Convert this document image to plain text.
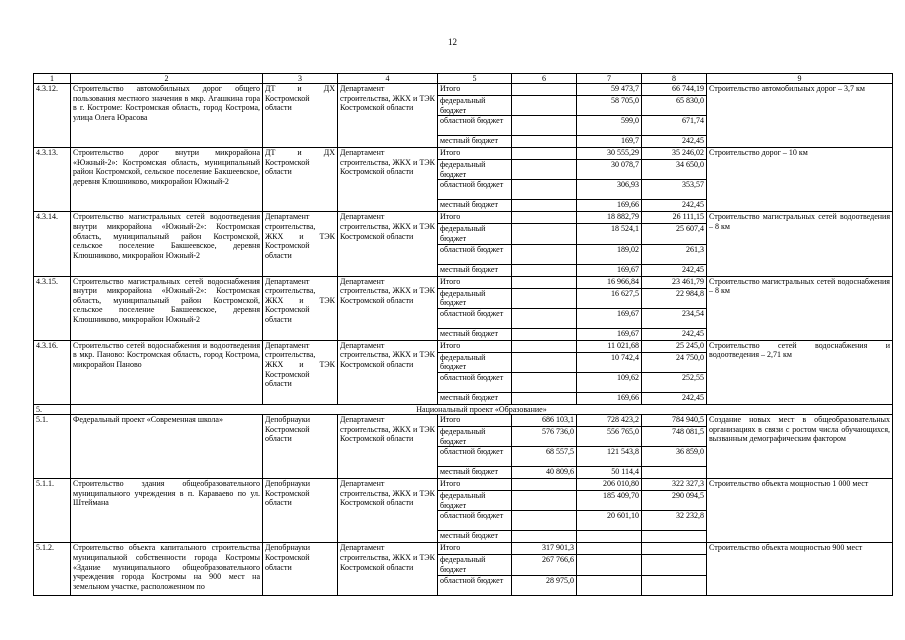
12
1	2	3	4	5	6	7	8	9
4.3.12.	Строительство автомобильных дорог общего пользования местного значения в мкр. Агашкина гора в г. Костроме: Костромская область, город Кострома, улица Олега Юрасова	ДТ и ДХ Костромской области	Департамент строительства, ЖКХ и ТЭК Костромской области	Итого		59 473,7	66 744,19	Строительство автомобильных дорог – 3,7 км
				федеральный бюджет		58 705,0	65 830,0	
				областной бюджет		599,0	671,74	
				местный бюджет		169,7	242,45	
4.3.13.	Строительство дорог внутри микрорайона «Южный-2»: Костромская область, муниципальный район Костромской, сельское поселение Бакшеевское, деревня Клюшниково, микрорайон Южный-2	ДТ и ДХ Костромской области	Департамент строительства, ЖКХ и ТЭК Костромской области	Итого		30 555,29	35 246,02	Строительство дорог – 10 км
				федеральный бюджет		30 078,7	34 650,0	
				областной бюджет		306,93	353,57	
				местный бюджет		169,66	242,45	
4.3.14.	Строительство магистральных сетей водоотведения внутри микрорайона «Южный-2»: Костромская область, муниципальный район Костромской, сельское поселение Бакшеевское, деревня Клюшниково, микрорайон Южный-2	Департамент строительства, ЖКХ и ТЭК Костромской области	Департамент строительства, ЖКХ и ТЭК Костромской области	Итого		18 882,79	26 111,15	Строительство магистральных сетей водоотведения – 8 км
				федеральный бюджет		18 524,1	25 607,4	
				областной бюджет		189,02	261,3	
				местный бюджет		169,67	242,45	
4.3.15.	Строительство магистральных сетей водоснабжения внутри микрорайона «Южный-2»: Костромская область, муниципальный район Костромской, сельское поселение Бакшеевское, деревня Клюшниково, микрорайон Южный-2	Департамент строительства, ЖКХ и ТЭК Костромской области	Департамент строительства, ЖКХ и ТЭК Костромской области	Итого		16 966,84	23 461,79	Строительство магистральных сетей водоснабжения – 8 км
				федеральный бюджет		16 627,5	22 984,8	
				областной бюджет		169,67	234,54	
				местный бюджет		169,67	242,45	
4.3.16.	Строительство сетей водоснабжения и водоотведения в мкр. Паново: Костромская область, город Кострома, микрорайон Паново	Департамент строительства, ЖКХ и ТЭК Костромской области	Департамент строительства, ЖКХ и ТЭК Костромской области	Итого		11 021,68	25 245,0	Строительство сетей водоснабжения и водоотведения – 2,71 км
				федеральный бюджет		10 742,4	24 750,0	
				областной бюджет		109,62	252,55	
				местный бюджет		169,66	242,45	
5.	Национальный проект «Образование»							
5.1.	Федеральный проект «Современная школа»	Депобрнауки Костромской области	Департамент строительства, ЖКХ и ТЭК Костромской области	Итого	686 103,1	728 423,2	784 940,5	Создание новых мест в общеобразовательных организациях в связи с ростом числа обучающихся, вызванным демографическим фактором
				федеральный бюджет	576 736,0	556 765,0	748 081,5	
				областной бюджет	68 557,5	121 543,8	36 859,0	
				местный бюджет	40 809,6	50 114,4		
5.1.1.	Строительство здания общеобразовательного муниципального учреждения в п. Караваево по ул. Штеймана	Депобрнауки Костромской области	Департамент строительства, ЖКХ и ТЭК Костромской области	Итого		206 010,80	322 327,3	Строительство объекта мощностью 1 000 мест
				федеральный бюджет		185 409,70	290 094,5	
				областной бюджет		20 601,10	32 232,8	
				местный бюджет				
5.1.2.	Строительство объекта капитального строительства муниципальной собственности города Костромы «Здание муниципального общеобразовательного учреждения города Костромы на 900 мест на земельном участке, расположенном по	Депобрнауки Костромской области	Департамент строительства, ЖКХ и ТЭК Костромской области	Итого	317 901,3			Строительство объекта мощностью 900 мест
				федеральный бюджет	267 766,6			
				областной бюджет	28 975,0			
